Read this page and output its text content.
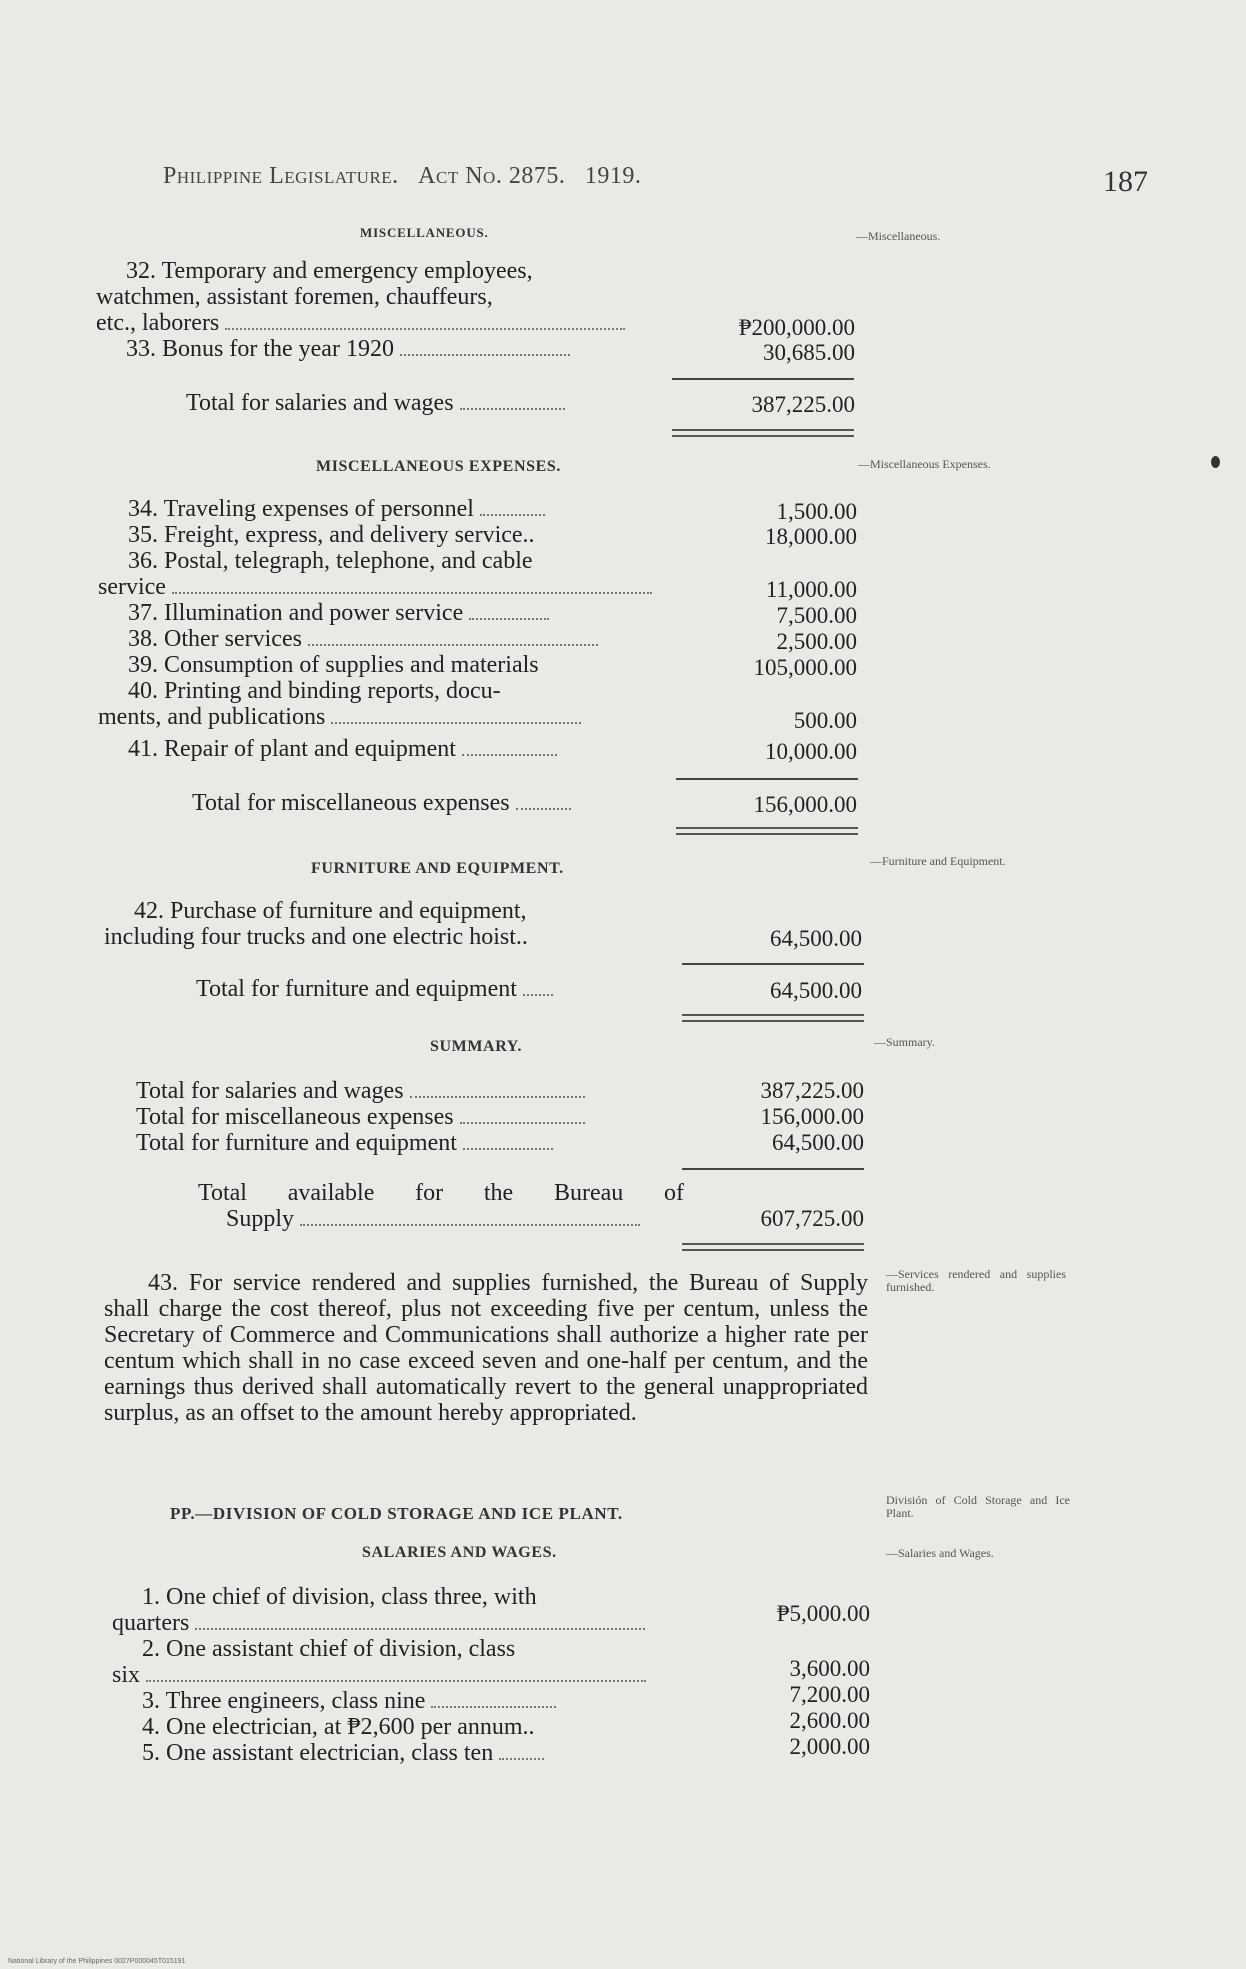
Philippine Legislature. Act No. 2875. 1919.	187
MISCELLANEOUS.	—Miscellaneous.
32. Temporary and emergency employees,
watchmen, assistant foremen, chauffeurs,
etc., laborers	₱200,000.00
33. Bonus for the year 1920	30,685.00
Total for salaries and wages	387,225.00
MISCELLANEOUS EXPENSES.	—Miscellaneous Expenses.
34. Traveling expenses of personnel	1,500.00
35. Freight, express, and delivery service..	18,000.00
36. Postal, telegraph, telephone, and cable
service	11,000.00
37. Illumination and power service	7,500.00
38. Other services	2,500.00
39. Consumption of supplies and materials	105,000.00
40. Printing and binding reports, docu-
ments, and publications	500.00
41. Repair of plant and equipment	10,000.00
Total for miscellaneous expenses	156,000.00
FURNITURE AND EQUIPMENT.	—Furniture and Equipment.
42. Purchase of furniture and equipment,
including four trucks and one electric hoist..	64,500.00
Total for furniture and equipment	64,500.00
SUMMARY.	—Summary.
Total for salaries and wages	387,225.00
Total for miscellaneous expenses	156,000.00
Total for furniture and equipment	64,500.00
Total available for the Bureau of
Supply	607,725.00
43. For service rendered and supplies furnished, the Bureau of Supply shall charge the cost thereof, plus not exceeding five per centum, unless the Secretary of Commerce and Communications shall authorize a higher rate per centum which shall in no case exceed seven and one-half per centum, and the earnings thus derived shall automatically revert to the general unappropriated surplus, as an offset to the amount hereby appropriated.
—Services rendered and supplies furnished.
PP.—DIVISION OF COLD STORAGE AND ICE PLANT.
SALARIES AND WAGES.
División of Cold Storage and Ice Plant.
—Salaries and Wages.
1. One chief of division, class three, with
quarters	₱5,000.00
2. One assistant chief of division, class
six	3,600.00
3. Three engineers, class nine	7,200.00
4. One electrician, at ₱2,600 per annum..	2,600.00
5. One assistant electrician, class ten	2,000.00
National Library of the Philippines 0027P000045T015191
